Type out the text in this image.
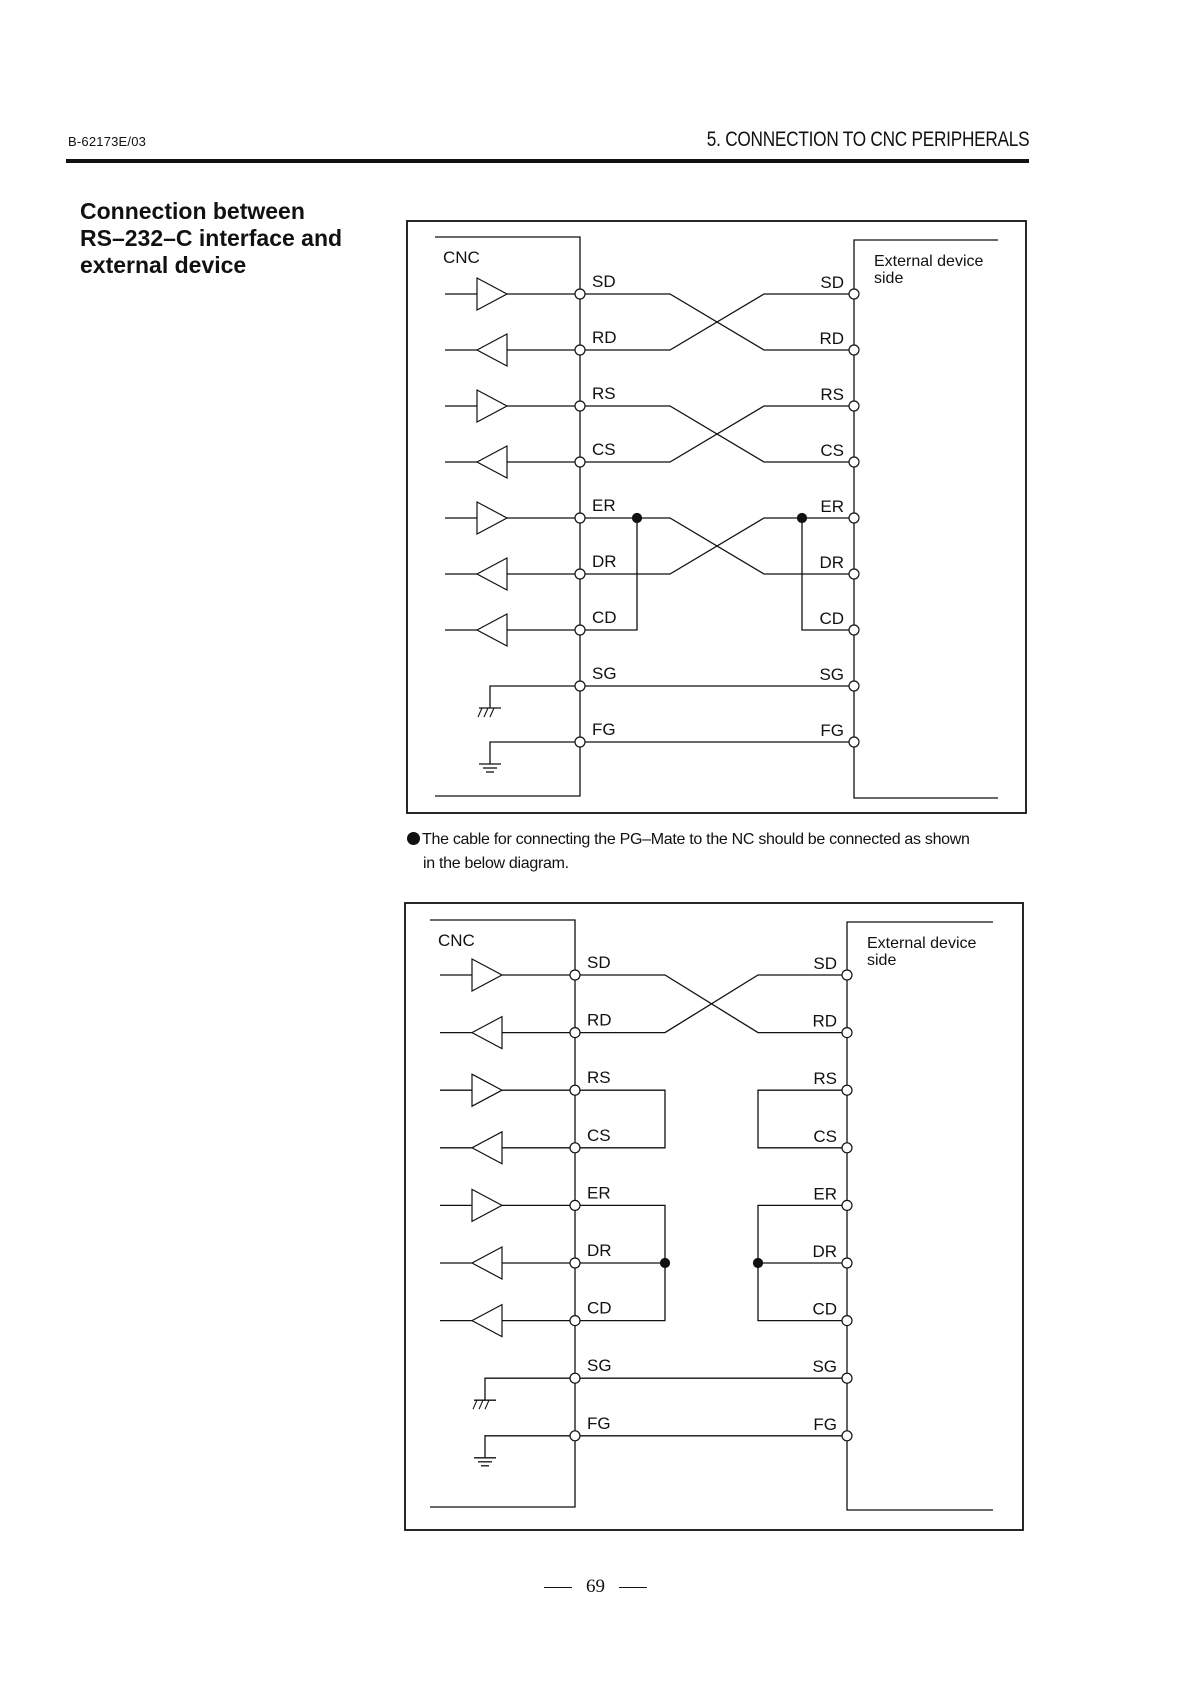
B-62173E/03	5. CONNECTION TO CNC PERIPHERALS
Connection between
RS–232–C interface and
external device	CNC	External device
side
SD	SD
RD	RD
RS	RS
CS	CS
ER	ER
DR	DR
CD	CD
SG	SG
FG	FG
CNC	External device
side
SD	SD
RD	RD
RS	RS
CS	CS
ER	ER
DR	DR
CD	CD
SG	SG
FG	FG
The cable for connecting the PG–Mate to the NC should be connected as shown
in the below diagram.
69
